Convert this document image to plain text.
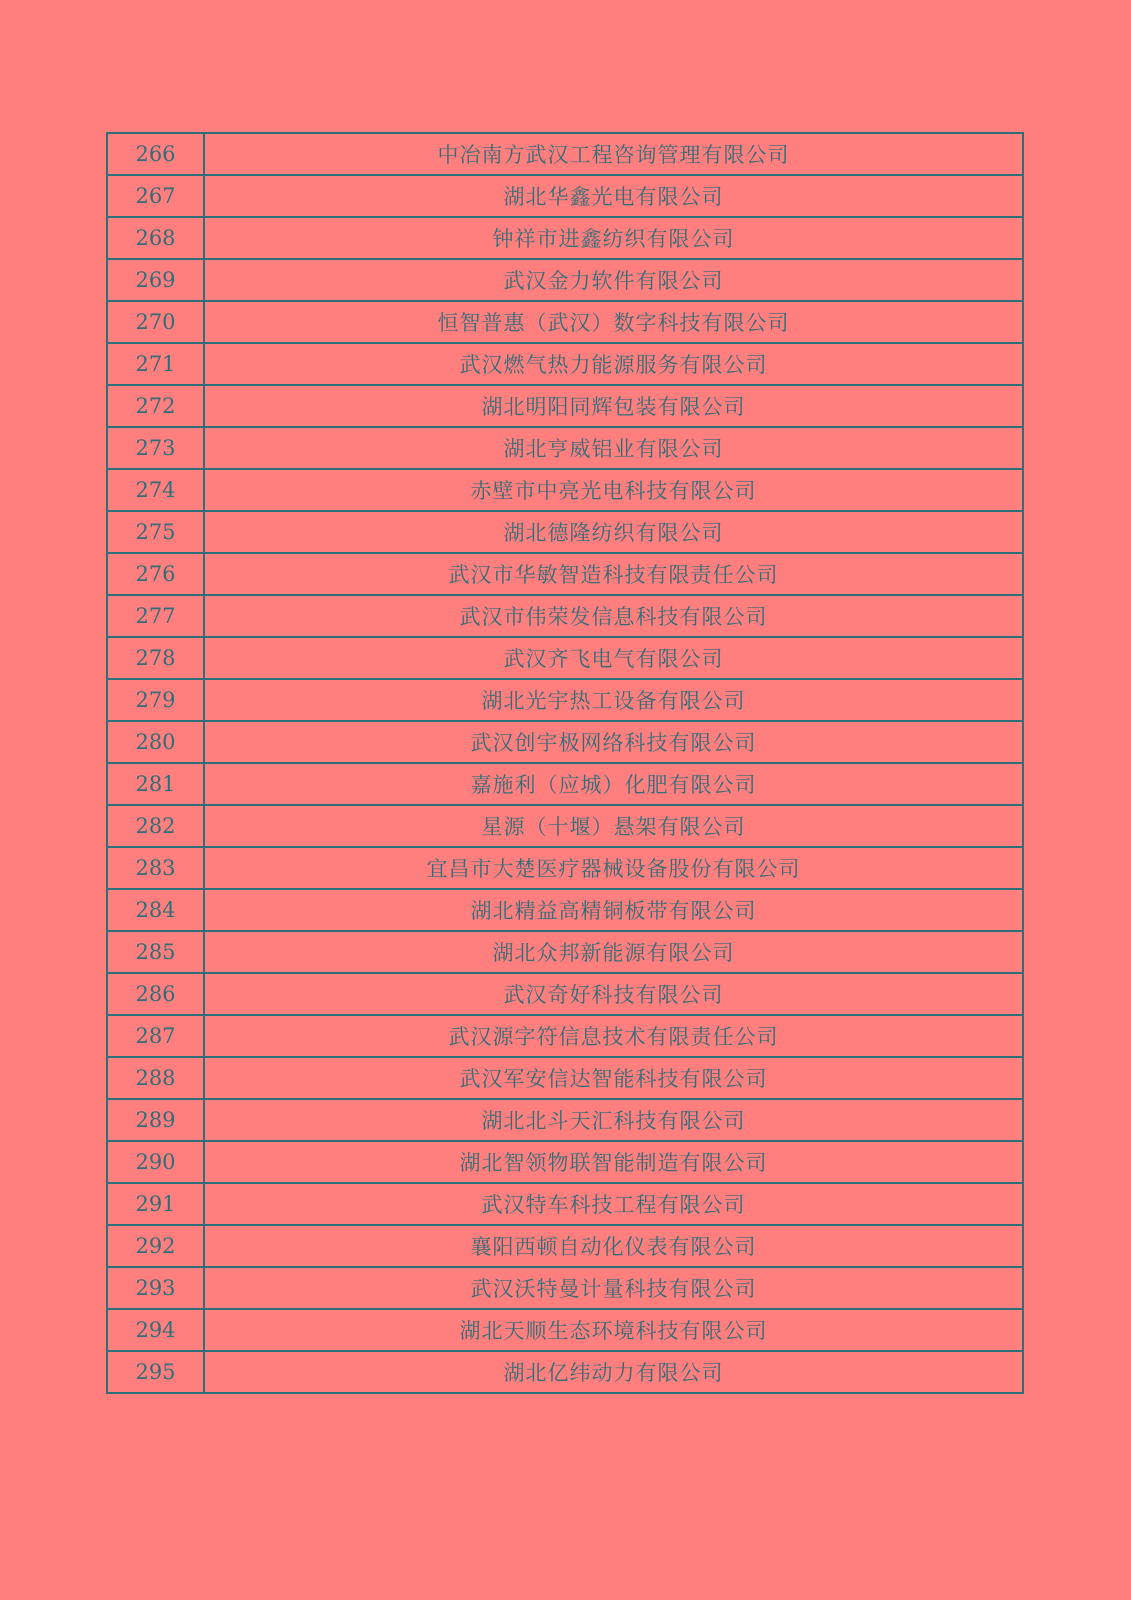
266	中冶南方武汉工程咨询管理有限公司
267	湖北华鑫光电有限公司
268	钟祥市进鑫纺织有限公司
269	武汉金力软件有限公司
270	恒智普惠（武汉）数字科技有限公司
271	武汉燃气热力能源服务有限公司
272	湖北明阳同辉包装有限公司
273	湖北亨威铝业有限公司
274	赤壁市中亮光电科技有限公司
275	湖北德隆纺织有限公司
276	武汉市华敏智造科技有限责任公司
277	武汉市伟荣发信息科技有限公司
278	武汉齐飞电气有限公司
279	湖北光宇热工设备有限公司
280	武汉创宇极网络科技有限公司
281	嘉施利（应城）化肥有限公司
282	星源（十堰）悬架有限公司
283	宜昌市大楚医疗器械设备股份有限公司
284	湖北精益高精铜板带有限公司
285	湖北众邦新能源有限公司
286	武汉奇好科技有限公司
287	武汉源字符信息技术有限责任公司
288	武汉军安信达智能科技有限公司
289	湖北北斗天汇科技有限公司
290	湖北智领物联智能制造有限公司
291	武汉特车科技工程有限公司
292	襄阳西顿自动化仪表有限公司
293	武汉沃特曼计量科技有限公司
294	湖北天顺生态环境科技有限公司
295	湖北亿纬动力有限公司
